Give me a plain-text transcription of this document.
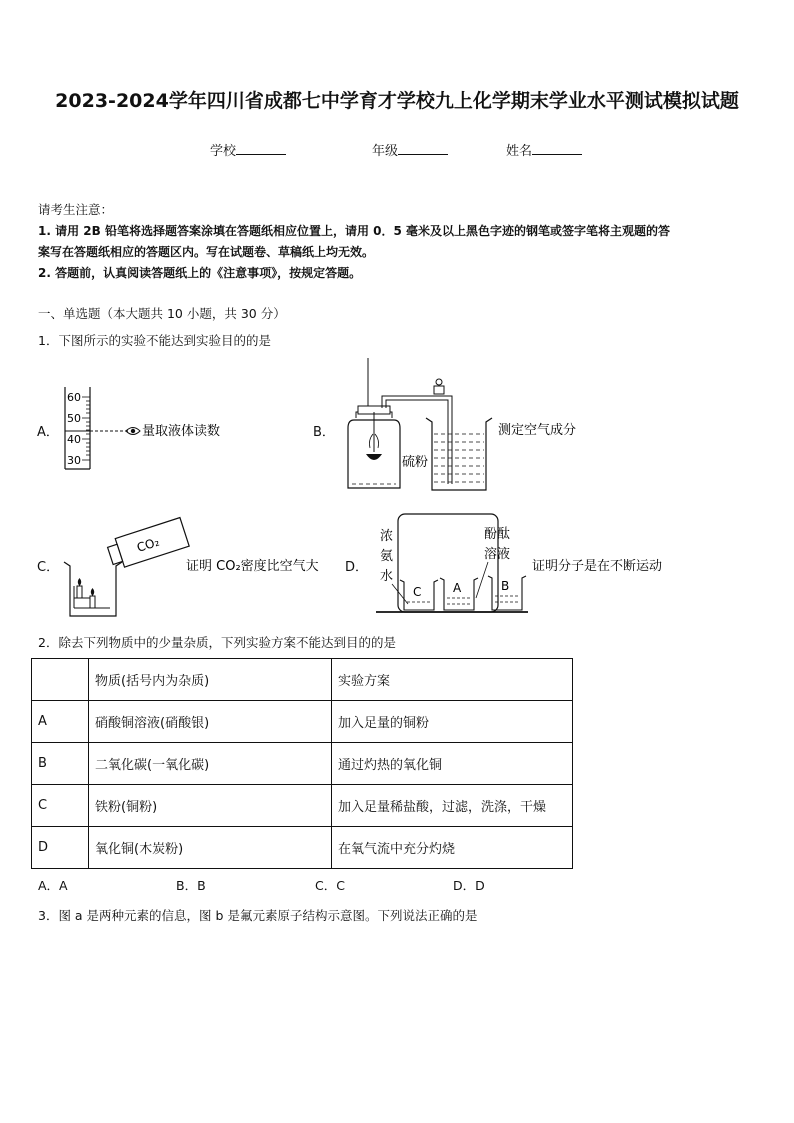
2023-2024学年四川省成都七中学育才学校九上化学期末学业水平测试模拟试题
学校	年级	姓名
请考生注意：
1. 请用 2B 铅笔将选择题答案涂填在答题纸相应位置上，请用 0．5 毫米及以上黑色字迹的钢笔或签字笔将主观题的答
案写在答题纸相应的答题区内。写在试题卷、草稿纸上均无效。
2. 答题前，认真阅读答题纸上的《注意事项》，按规定答题。
一、单选题（本大题共 10 小题，共 30 分）
1．下图所示的实验不能达到实验目的的是
A．
60
50
40
30
量取液体读数	B．
硫粉
测定空气成分
C．
CO₂
证明 CO₂密度比空气大 D．
浓
氨
水
酚酞
溶液
C	A	B
证明分子是在不断运动
2．除去下列物质中的少量杂质，下列实验方案不能达到目的的是
	物质(括号内为杂质)	实验方案
A	硝酸铜溶液(硝酸银)	加入足量的铜粉
B	二氧化碳(一氧化碳)	通过灼热的氧化铜
C	铁粉(铜粉)	加入足量稀盐酸，过滤，洗涤，干燥
D	氧化铜(木炭粉)	在氧气流中充分灼烧
A．A	B．B	C．C	D．D
3．图 a 是两种元素的信息，图 b 是氟元素原子结构示意图。下列说法正确的是
